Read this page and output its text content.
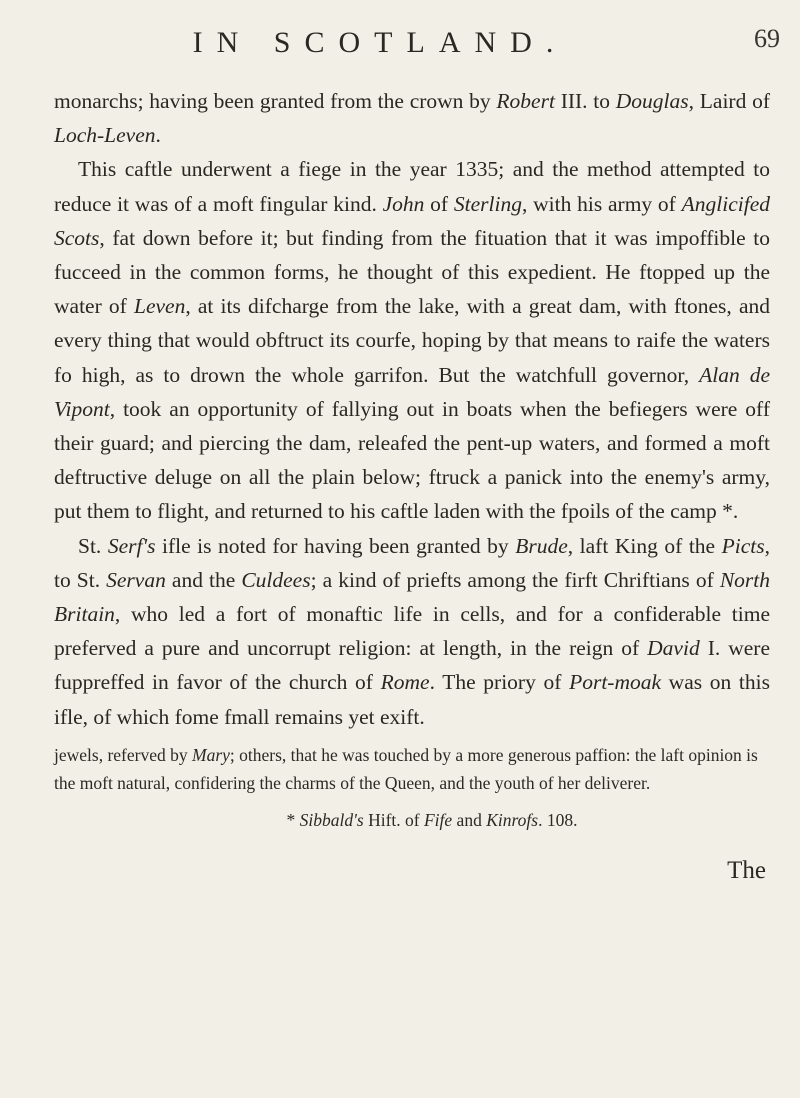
IN SCOTLAND.	69

monarchs; having been granted from the crown by Robert III. to Douglas, Laird of Loch-Leven.

This caftle underwent a fiege in the year 1335; and the method attempted to reduce it was of a moft fingular kind. John of Sterling, with his army of Anglicifed Scots, fat down before it; but finding from the fituation that it was impoffible to fucceed in the common forms, he thought of this expedient. He ftopped up the water of Leven, at its difcharge from the lake, with a great dam, with ftones, and every thing that would obftruct its courfe, hoping by that means to raife the waters fo high, as to drown the whole garrifon. But the watchfull governor, Alan de Vipont, took an opportunity of fallying out in boats when the befiegers were off their guard; and piercing the dam, releafed the pent-up waters, and formed a moft deftructive deluge on all the plain below; ftruck a panick into the enemy's army, put them to flight, and returned to his caftle laden with the fpoils of the camp *.

St. Serf's ifle is noted for having been granted by Brude, laft King of the Picts, to St. Servan and the Culdees; a kind of priefts among the firft Chriftians of North Britain, who led a fort of monaftic life in cells, and for a confiderable time preferved a pure and uncorrupt religion: at length, in the reign of David I. were fuppreffed in favor of the church of Rome. The priory of Port-moak was on this ifle, of which fome fmall remains yet exift.

jewels, referved by Mary; others, that he was touched by a more generous paffion: the laft opinion is the moft natural, confidering the charms of the Queen, and the youth of her deliverer.

* Sibbald's Hift. of Fife and Kinrofs. 108.

The
